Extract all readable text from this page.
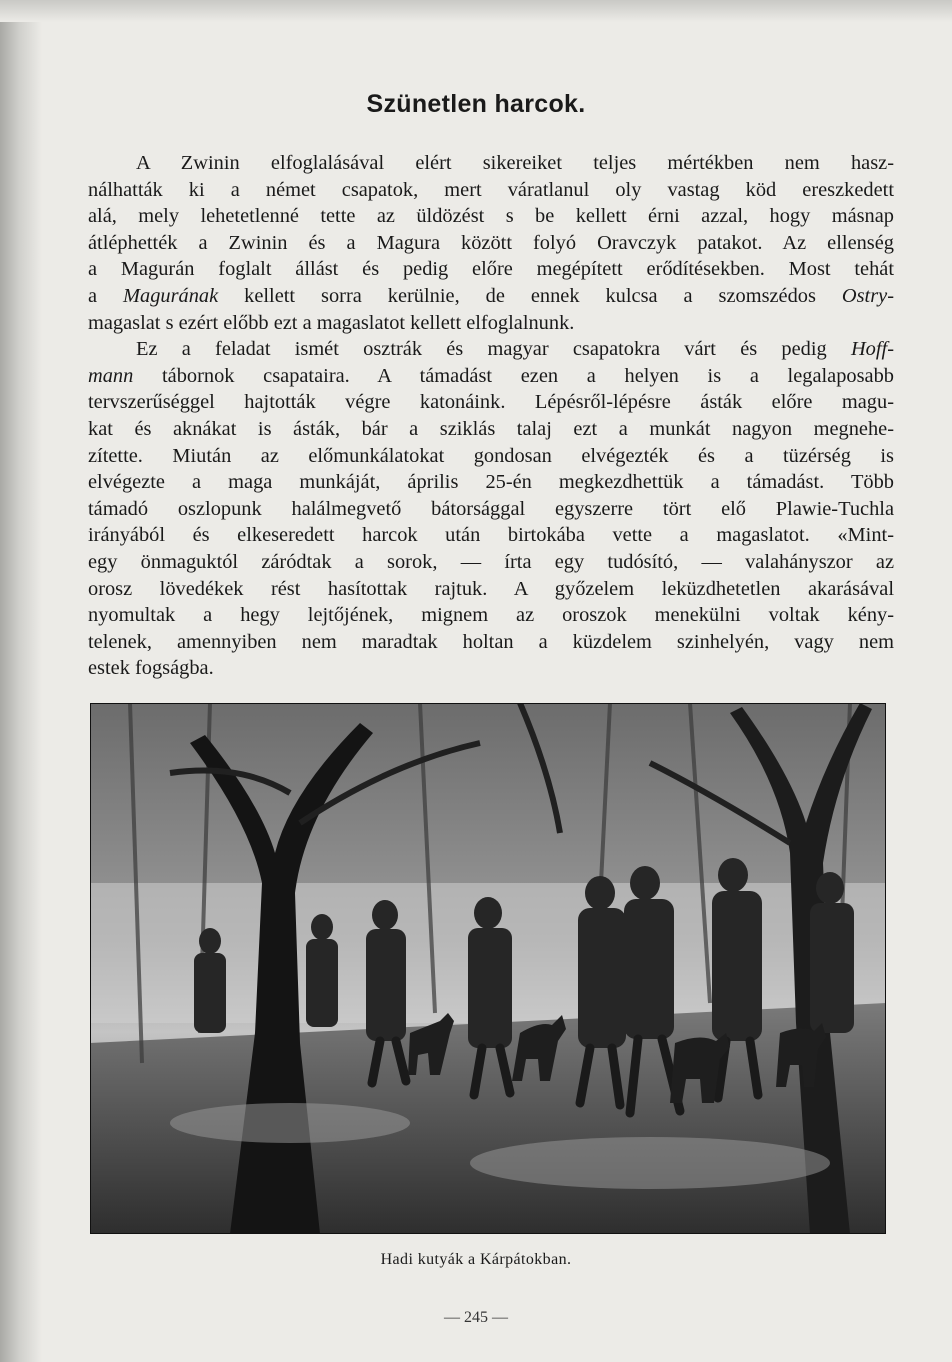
Szünetlen harcok.

A Zwinin elfoglalásával elért sikereiket teljes mértékben nem hasz-
nálhatták ki a német csapatok, mert váratlanul oly vastag köd ereszkedett
alá, mely lehetetlenné tette az üldözést s be kellett érni azzal, hogy másnap
átléphették a Zwinin és a Magura között folyó Oravczyk patakot. Az ellenség
a Magurán foglalt állást és pedig előre megépített erődítésekben. Most tehát
a Magurának kellett sorra kerülnie, de ennek kulcsa a szomszédos Ostry-
magaslat s ezért előbb ezt a magaslatot kellett elfoglalnunk.

Ez a feladat ismét osztrák és magyar csapatokra várt és pedig Hoff-
mann tábornok csapataira. A támadást ezen a helyen is a legalaposabb
tervszerűséggel hajtották végre katonáink. Lépésről-lépésre ásták előre magu-
kat és aknákat is ásták, bár a sziklás talaj ezt a munkát nagyon megnehe-
zítette. Miután az előmunkálatokat gondosan elvégezték és a tüzérség is
elvégezte a maga munkáját, április 25-én megkezdhettük a támadást. Több
támadó oszlopunk halálmegvető bátorsággal egyszerre tört elő Plawie-Tuchla
irányából és elkeseredett harcok után birtokába vette a magaslatot. «Mint-
egy önmaguktól záródtak a sorok, — írta egy tudósító, — valahányszor az
orosz lövedékek rést hasítottak rajtuk. A győzelem leküzdhetetlen akarásával
nyomultak a hegy lejtőjének, mignem az oroszok menekülni voltak kény-
telenek, amennyiben nem maradtak holtan a küzdelem szinhelyén, vagy nem
estek fogságba.

Hadi kutyák a Kárpátokban.
— 245 —
